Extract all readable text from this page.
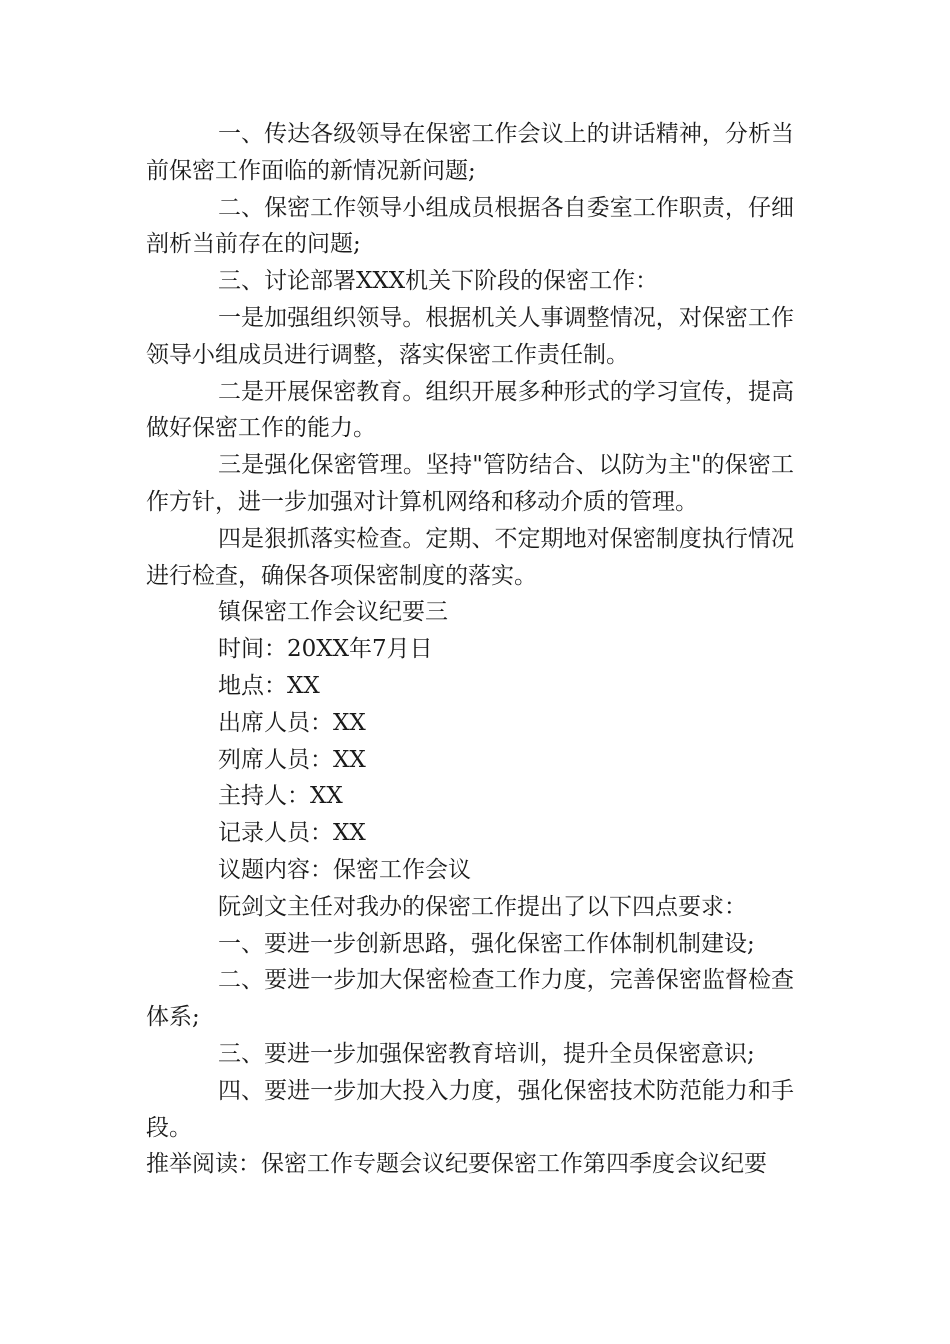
一、传达各级领导在保密工作会议上的讲话精神，分析当前保密工作面临的新情况新问题;

二、保密工作领导小组成员根据各自委室工作职责，仔细剖析当前存在的问题;

三、讨论部署XXX机关下阶段的保密工作：

一是加强组织领导。根据机关人事调整情况，对保密工作领导小组成员进行调整，落实保密工作责任制。

二是开展保密教育。组织开展多种形式的学习宣传，提高做好保密工作的能力。

三是强化保密管理。坚持"管防结合、以防为主"的保密工作方针，进一步加强对计算机网络和移动介质的管理。

四是狠抓落实检查。定期、不定期地对保密制度执行情况进行检查，确保各项保密制度的落实。

镇保密工作会议纪要三

时间：20XX年7月日

地点：XX

出席人员：XX

列席人员：XX

主持人：XX

记录人员：XX

议题内容：保密工作会议

阮剑文主任对我办的保密工作提出了以下四点要求：

一、要进一步创新思路，强化保密工作体制机制建设;

二、要进一步加大保密检查工作力度，完善保密监督检查体系;

三、要进一步加强保密教育培训，提升全员保密意识;

四、要进一步加大投入力度，强化保密技术防范能力和手段。

推举阅读：保密工作专题会议纪要保密工作第四季度会议纪要
